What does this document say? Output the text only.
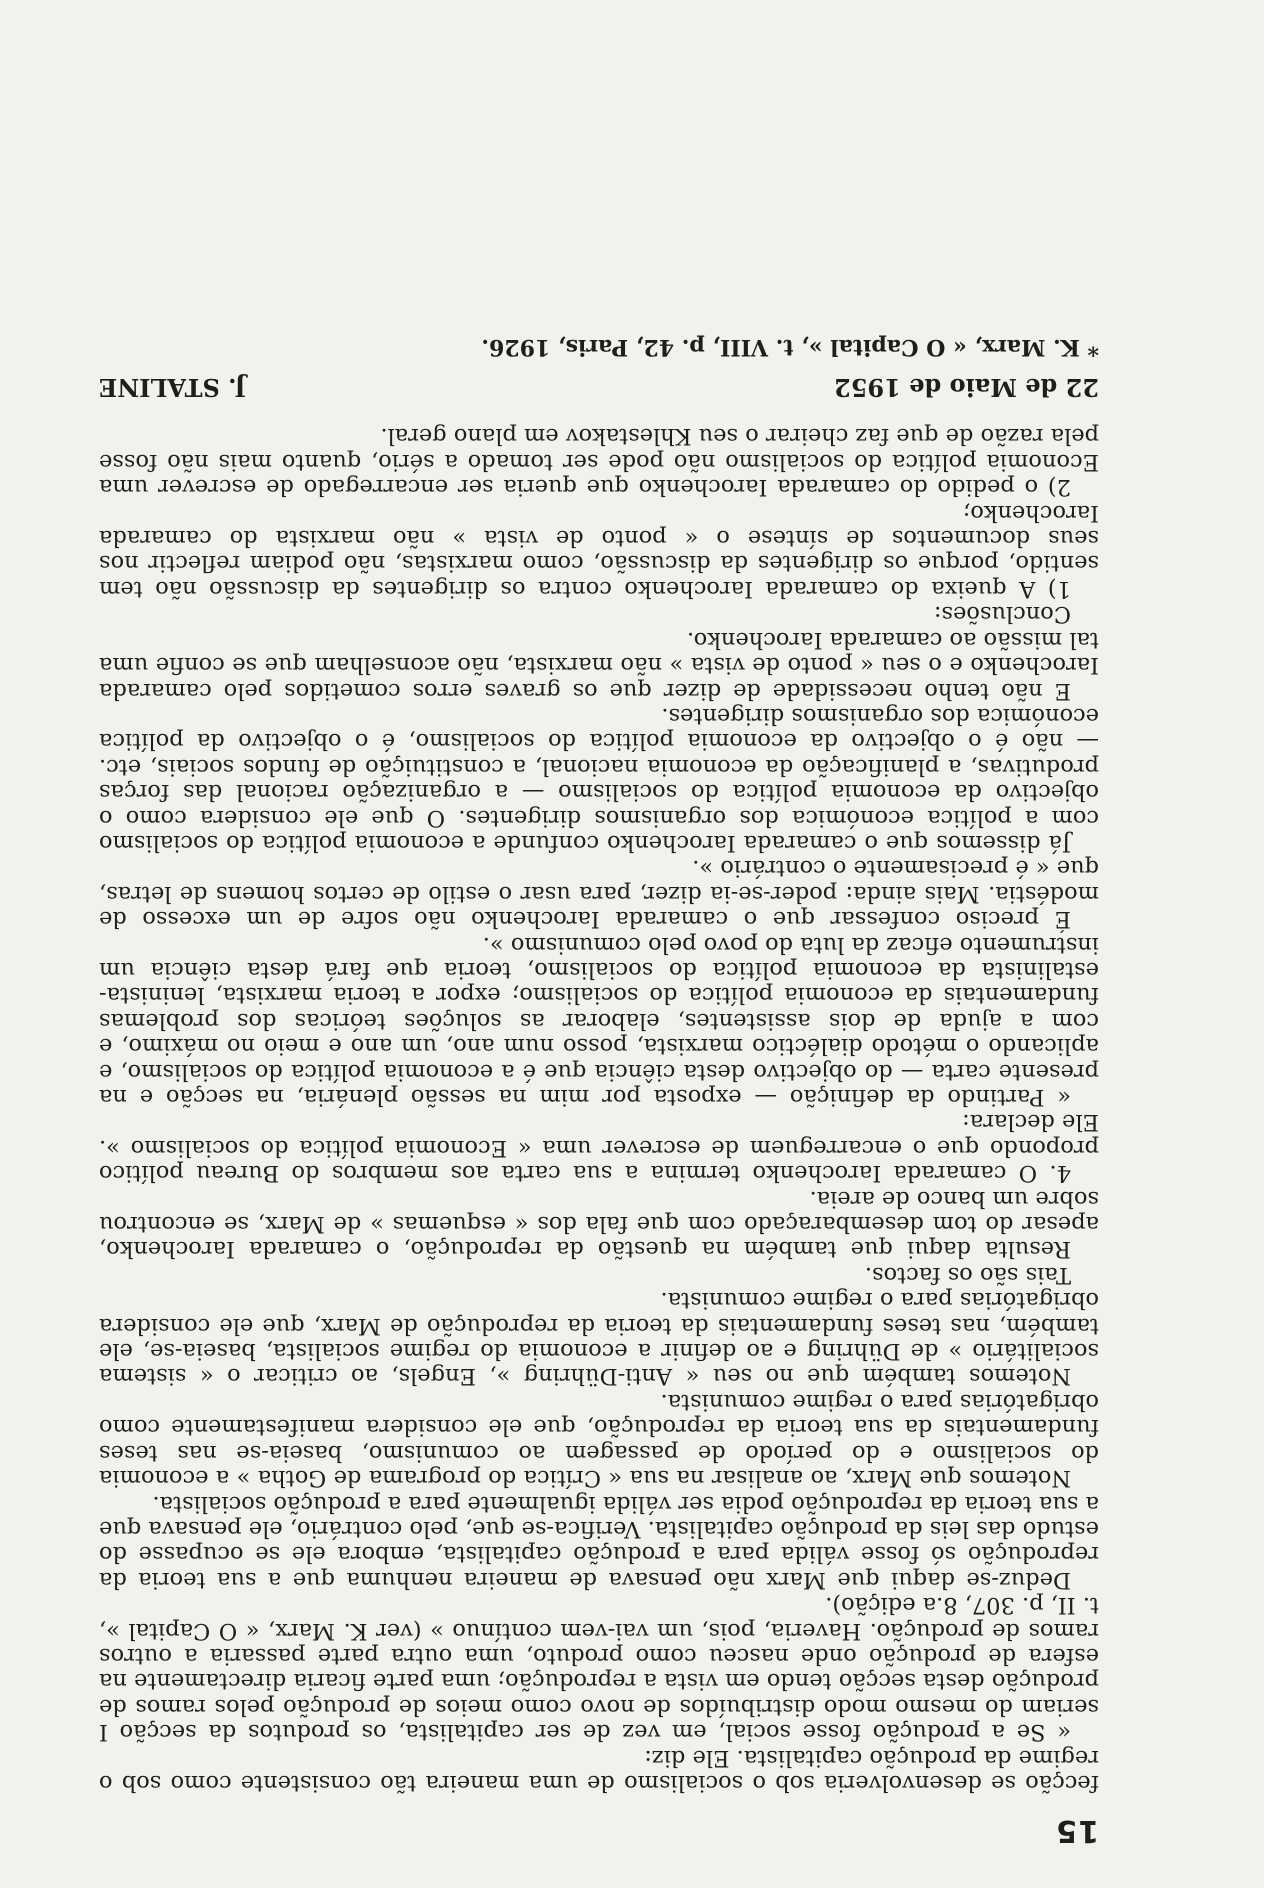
15

fecção se desenvolveria sob o socialismo de uma maneira tão consistente como sob o regime da produção capitalista. Ele diz:

« Se a produção fosse social, em vez de ser capitalista, os produtos da secção I seriam do mesmo modo distribuídos de novo como meios de produção pelos ramos de produção desta secção tendo em vista a reprodução; uma parte ficaria directamente na esfera de produção onde nasceu como produto, uma outra parte passaria a outros ramos de produção. Haveria, pois, um vai-vem contínuo » (ver K. Marx, « O Capital », t. II, p. 307, 8.a edição).

Deduz-se daqui que Marx não pensava de maneira nenhuma que a sua teoria da reprodução só fosse válida para a produção capitalista, embora ele se ocupasse do estudo das leis da produção capitalista. Verifica-se que, pelo contrário, ele pensava que a sua teoria da reprodução podia ser válida igualmente para a produção socialista.

Notemos que Marx, ao analisar na sua « Crítica do programa de Gotha » a economia do socialismo e do período de passagem ao comunismo, baseia-se nas teses fundamentais da sua teoria da reprodução, que ele considera manifestamente como obrigatórias para o regime comunista.

Notemos também que no seu « Anti-Dühring », Engels, ao criticar o « sistema socialitário » de Dühring e ao definir a economia do regime socialista, baseia-se, ele também, nas teses fundamentais da teoria da reprodução de Marx, que ele considera obrigatórias para o regime comunista.

Tais são os factos.

Resulta daqui que também na questão da reprodução, o camarada Iarochenko, apesar do tom desembaraçado com que fala dos « esquemas » de Marx, se encontrou sobre um banco de areia.

4. O camarada Iarochenko termina a sua carta aos membros do Bureau político propondo que o encarreguem de escrever uma « Economia política do socialismo ». Ele declara:

« Partindo da definição — exposta por mim na sessão plenária, na secção e na presente carta — do objectivo desta ciência que é a economia política do socialismo, e aplicando o método dialéctico marxista, posso num ano, um ano e meio no máximo, e com a ajuda de dois assistentes, elaborar as soluções teóricas dos problemas fundamentais da economia política do socialismo; expor a teoria marxista, leninista-estalinista da economia política do socialismo, teoria que fará desta ciência um instrumento eficaz da luta do povo pelo comunismo ».

É preciso confessar que o camarada Iarochenko não sofre de um excesso de modéstia. Mais ainda: poder-se-ia dizer, para usar o estilo de certos homens de letras, que « é precisamente o contrário ».

Já dissemos que o camarada Iarochenko confunde a economia política do socialismo com a política económica dos organismos dirigentes. O que ele considera como o objectivo da economia política do socialismo — a organização racional das forças produtivas, a planificação da economia nacional, a constituição de fundos sociais, etc. — não é o objectivo da economia política do socialismo, é o objectivo da política económica dos organismos dirigentes.

E não tenho necessidade de dizer que os graves erros cometidos pelo camarada Iarochenko e o seu « ponto de vista » não marxista, não aconselham que se confie uma tal missão ao camarada Iarochenko.

Conclusões:

1) A queixa do camarada Iarochenko contra os dirigentes da discussão não tem sentido, porque os dirigentes da discussão, como marxistas, não podiam reflectir nos seus documentos de síntese o « ponto de vista » não marxista do camarada Iarochenko;

2) o pedido do camarada Iarochenko que queria ser encarregado de escrever uma Economia política do socialismo não pode ser tomado a sério, quanto mais não fosse pela razão de que faz cheirar o seu Khlestakov em plano geral.

22 de Maio de 1952
J. STALINE
* K. Marx, « O Capital », t. VIII, p. 42, Paris, 1926.
